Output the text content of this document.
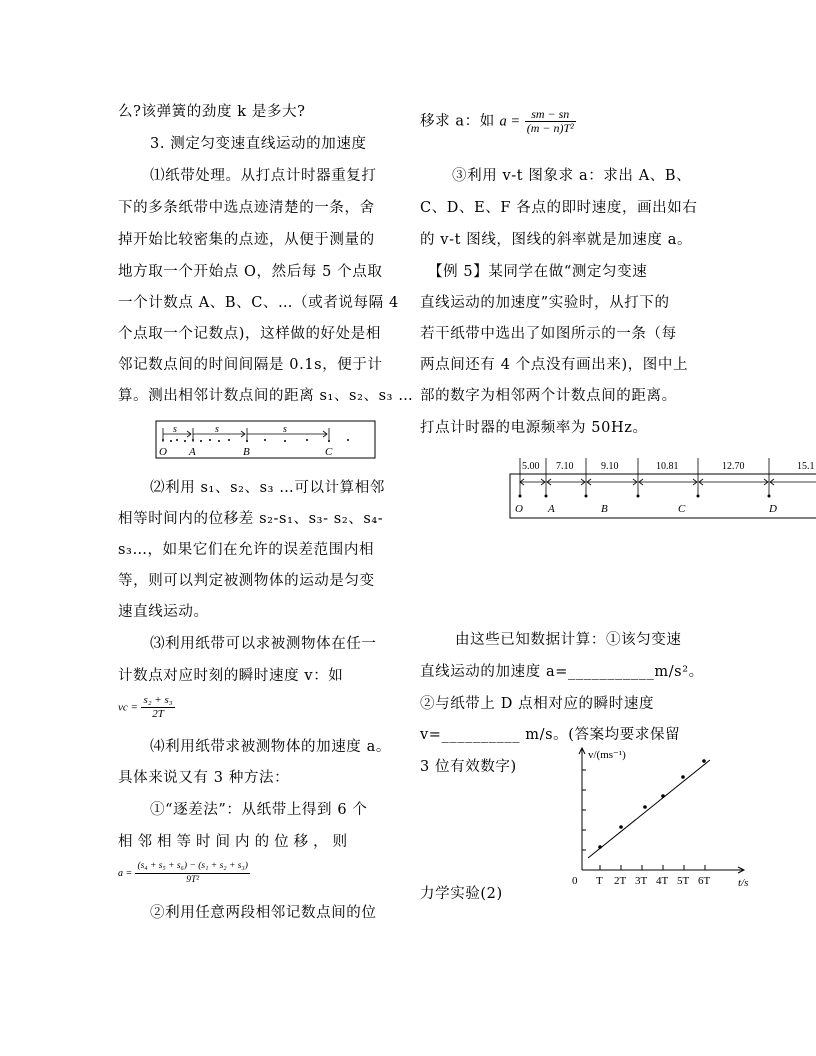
么?该弹簧的劲度 k 是多大?
3. 测定匀变速直线运动的加速度
⑴纸带处理。从打点计时器重复打
下的多条纸带中选点迹清楚的一条，舍
掉开始比较密集的点迹，从便于测量的
地方取一个开始点 O，然后每 5 个点取
一个计数点 A、B、C、…（或者说每隔 4
个点取一个记数点)，这样做的好处是相
邻记数点间的时间间隔是 0.1s，便于计
算。测出相邻计数点间的距离 s₁、s₂、s₃ …
s	s	s
O A	B	C
⑵利用 s₁、s₂、s₃ …可以计算相邻
相等时间内的位移差 s₂-s₁、s₃- s₂、s₄-
s₃…，如果它们在允许的误差范围内相
等，则可以判定被测物体的运动是匀变
速直线运动。
⑶利用纸带可以求被测物体在任一
计数点对应时刻的瞬时速度 v：如
vc = $\frac{\text{s₂ + s₃}}{2T}$
⑷利用纸带求被测物体的加速度 a。
具体来说又有 3 种方法：
①“逐差法”：从纸带上得到 6 个
相 邻 相 等 时 间 内 的 位 移 ， 则
$a = \frac{\text{(s₄ + s₅ + s₆) − (s₁ + s₂ + s₃)}}{\text{9T²}}$
②利用任意两段相邻记数点间的位
移求 a：如 $a = \frac{sm - sn}{\text{(m − n)T²}}$
③利用 v-t 图象求 a：求出 A、B、
C、D、E、F 各点的即时速度，画出如右
的 v-t 图线，图线的斜率就是加速度 a。
【例 5】某同学在做“测定匀变速
直线运动的加速度”实验时，从打下的
若干纸带中选出了如图所示的一条（每
两点间还有 4 个点没有画出来)，图中上
部的数字为相邻两个计数点间的距离。
打点计时器的电源频率为 50Hz。
5.00 7.10	9.10	10.81	12.70	15.1
O A	B	C	D
由这些已知数据计算：①该匀变速
直线运动的加速度 a=___________m/s²。
②与纸带上 D 点相对应的瞬时速度
v=__________ m/s。(答案均要求保留
3 位有效数字)
力学实验(2)
v/(ms⁻¹)
0 T 2T 3T 4T 5T 6T	t/s
